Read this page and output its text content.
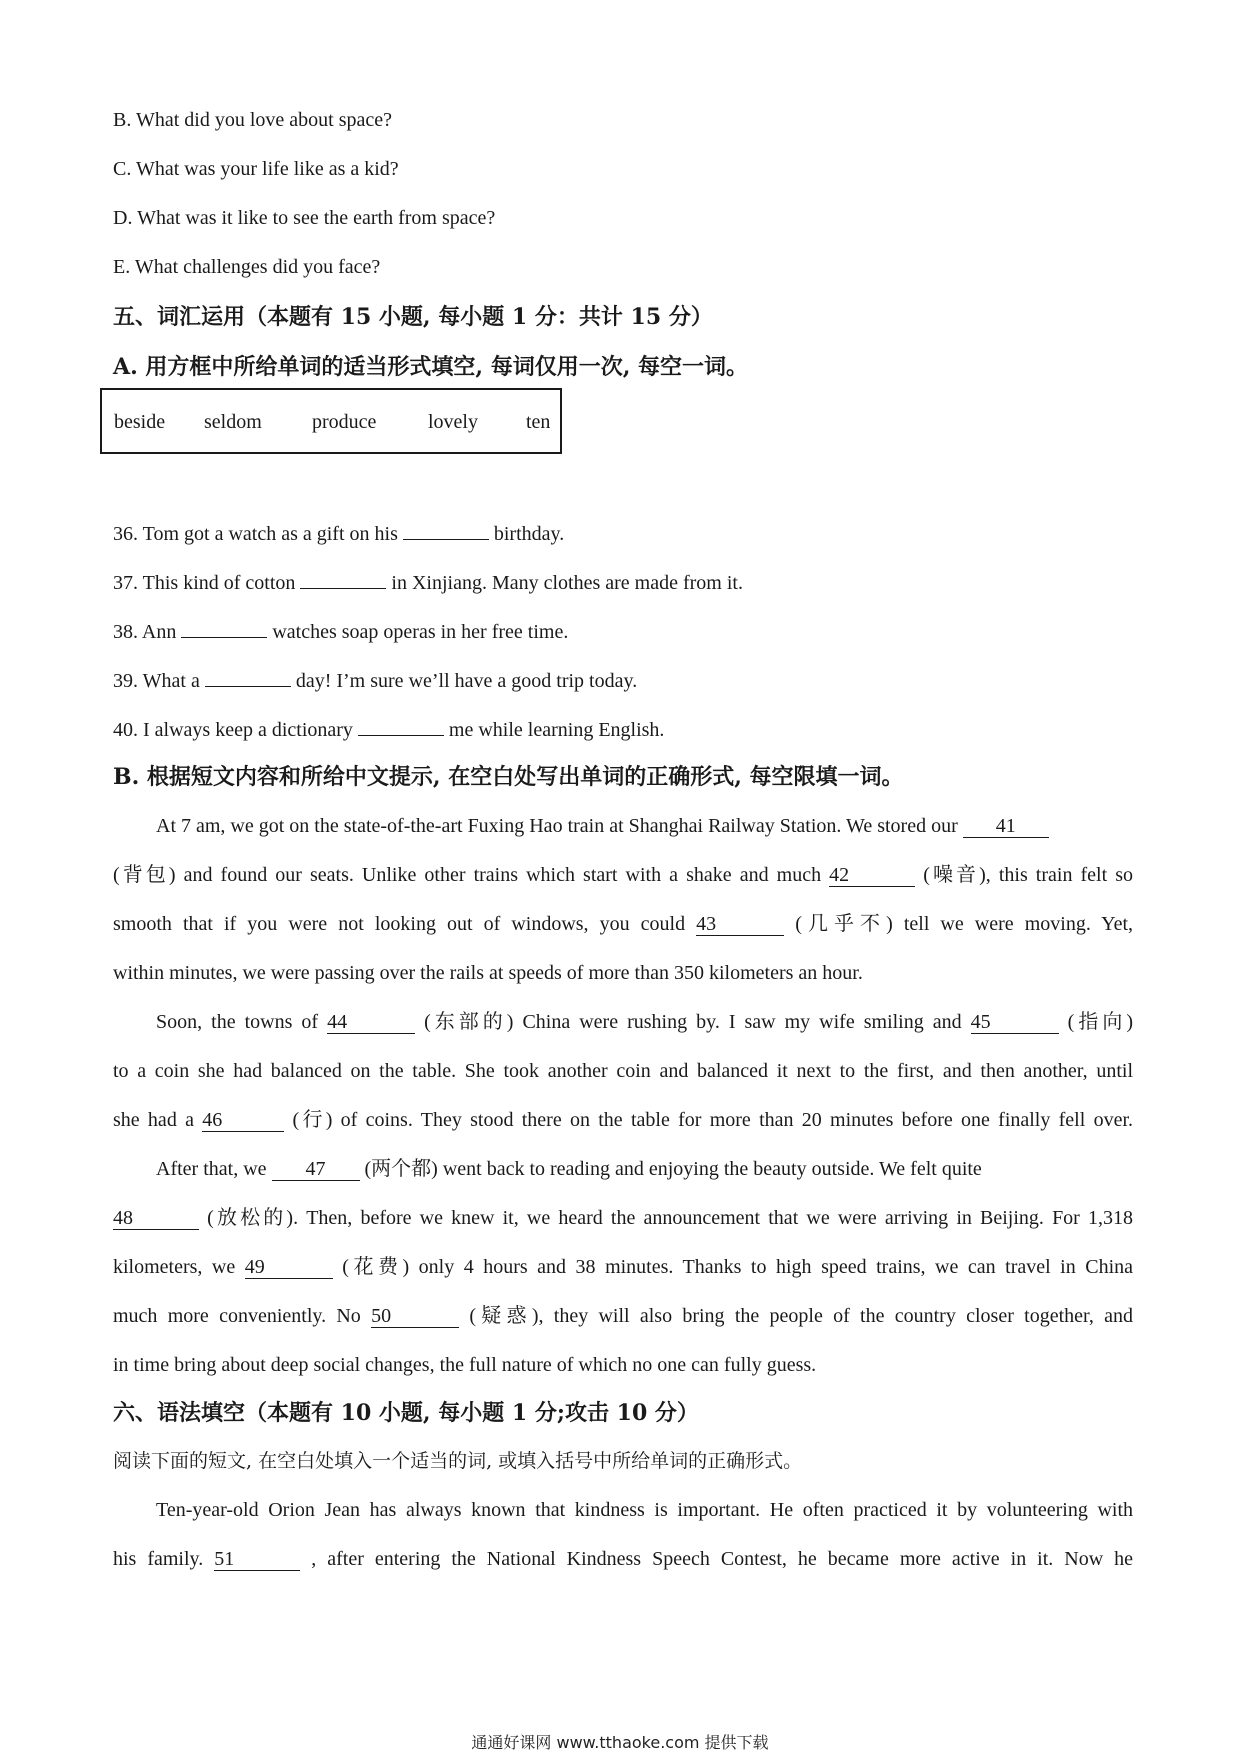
B. What did you love about space?
C. What was your life like as a kid?
D. What was it like to see the earth from space?
E. What challenges did you face?
五、词汇运用（本题有 15 小题, 每小题 1 分：共计 15 分）
A. 用方框中所给单词的适当形式填空, 每词仅用一次, 每空一词。
beside seldom	produce	lovely ten
36. Tom got a watch as a gift on his	birthday.
37. This kind of cotton	in Xinjiang. Many clothes are made from it.
38. Ann	watches soap operas in her free time.
39. What a	day! I’m sure we’ll have a good trip today.
40. I always keep a dictionary	me while learning English.
B. 根据短文内容和所给中文提示, 在空白处写出单词的正确形式, 每空限填一词。
At 7 am, we got on the state-of-the-art Fuxing Hao train at Shanghai Railway Station. We stored our 41
(背包) and found our seats. Unlike other trains which start with a shake and much 42	(噪音), this train felt so
smooth that if you were not looking out of windows, you could 43	(几乎不) tell we were moving. Yet,
within minutes, we were passing over the rails at speeds of more than 350 kilometers an hour.
Soon, the towns of 44	(东部的) China were rushing by. I saw my wife smiling and 45	(指向)
to a coin she had balanced on the table. She took another coin and balanced it next to the first, and then another, until
she had a 46	(行) of coins. They stood there on the table for more than 20 minutes before one finally fell over.
After that, we 47 (两个都) went back to reading and enjoying the beauty outside. We felt quite
48	(放松的). Then, before we knew it, we heard the announcement that we were arriving in Beijing. For 1,318
kilometers, we 49	(花费) only 4 hours and 38 minutes. Thanks to high speed trains, we can travel in China
much more conveniently. No 50	(疑惑), they will also bring the people of the country closer together, and
in time bring about deep social changes, the full nature of which no one can fully guess.
六、语法填空（本题有 10 小题, 每小题 1 分;攻击 10 分）
阅读下面的短文, 在空白处填入一个适当的词, 或填入括号中所给单词的正确形式。
Ten-year-old Orion Jean has always known that kindness is important. He often practiced it by volunteering with
his family. 51	, after entering the National Kindness Speech Contest, he became more active in it. Now he
通通好课网 www.tthaoke.com 提供下载
